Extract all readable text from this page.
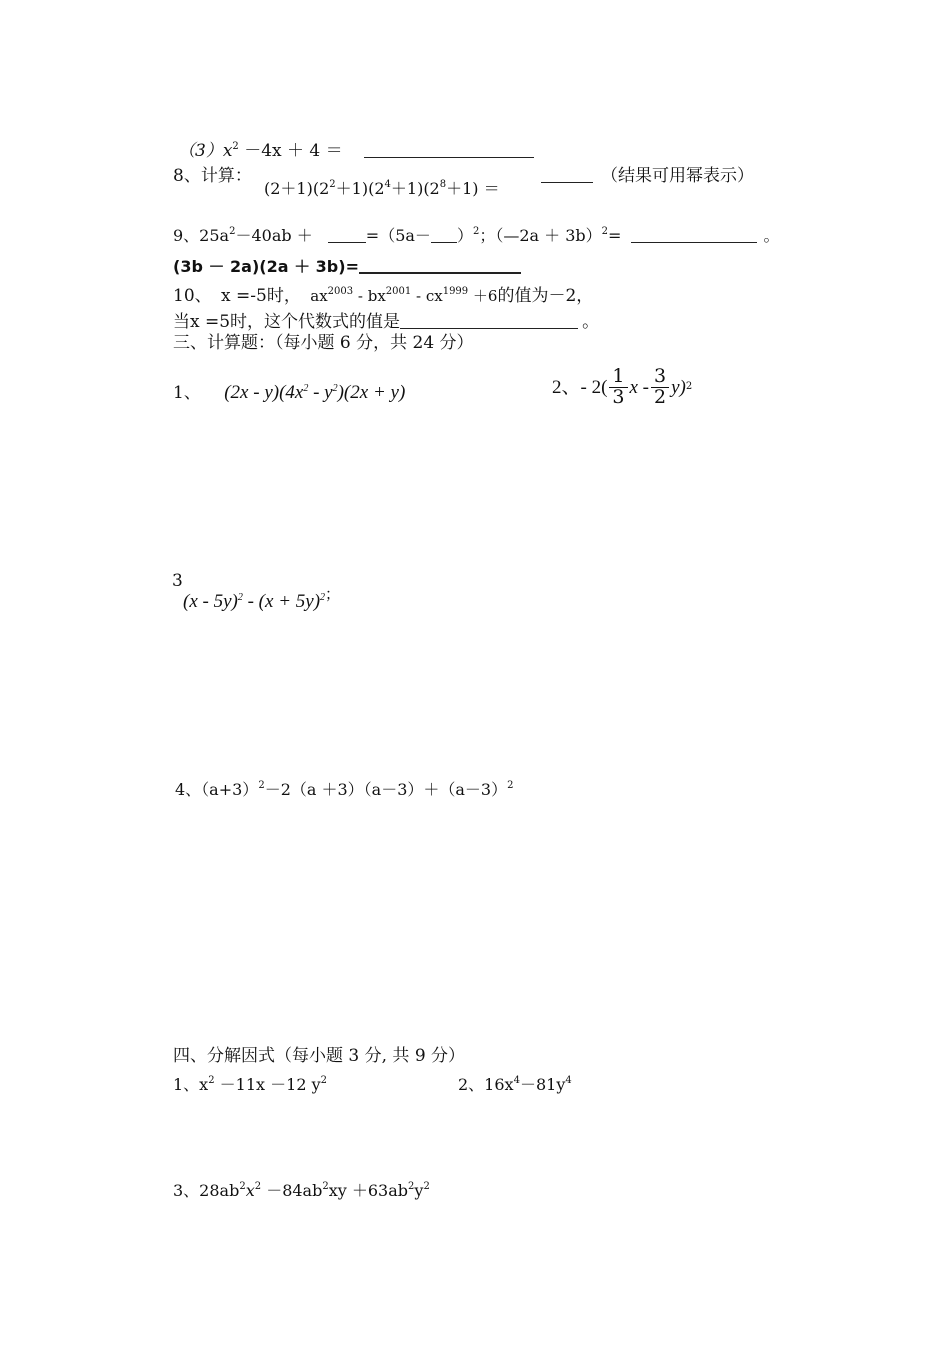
$(3)x^2 -4x + 4$ ＝
8、计算：
$(2+1)(2^2+1)(2^4+1)(2^8+1)$ ＝
（结果可用幂表示）
9、$25a^2-40ab$ ＋	$=(5a- )^2$；（—2a ＋ 3b）$^2$=	。
(3b － 2a)(2a ＋ 3b)=
10、 x =-5时， $ax^{2003} - bx^{2001} - cx^{1999} +6$的值为－2，
当x =5时，这个代数式的值是	。
三、计算题：（每小题 6 分，共 24 分）
1、 $(2x - y)(4x^2 - y^2)(2x + y)$	2、- $2( \frac{1}{3}$ x - $\frac{3}{2} y$) 2
3
$(x - 5y)^2 - (x + 5y)^{2;}$
4、$(a+3)^2-2(a +3)(a-3)+(a-3)^2$
四、分解因式（每小题 3 分, 共 9 分）
1、$x^2 -11x -12$ $y^2$	2、$16x^4-81y^4$
3、$28ab^2x^2 -84ab^2xy +63ab^2y^2$
